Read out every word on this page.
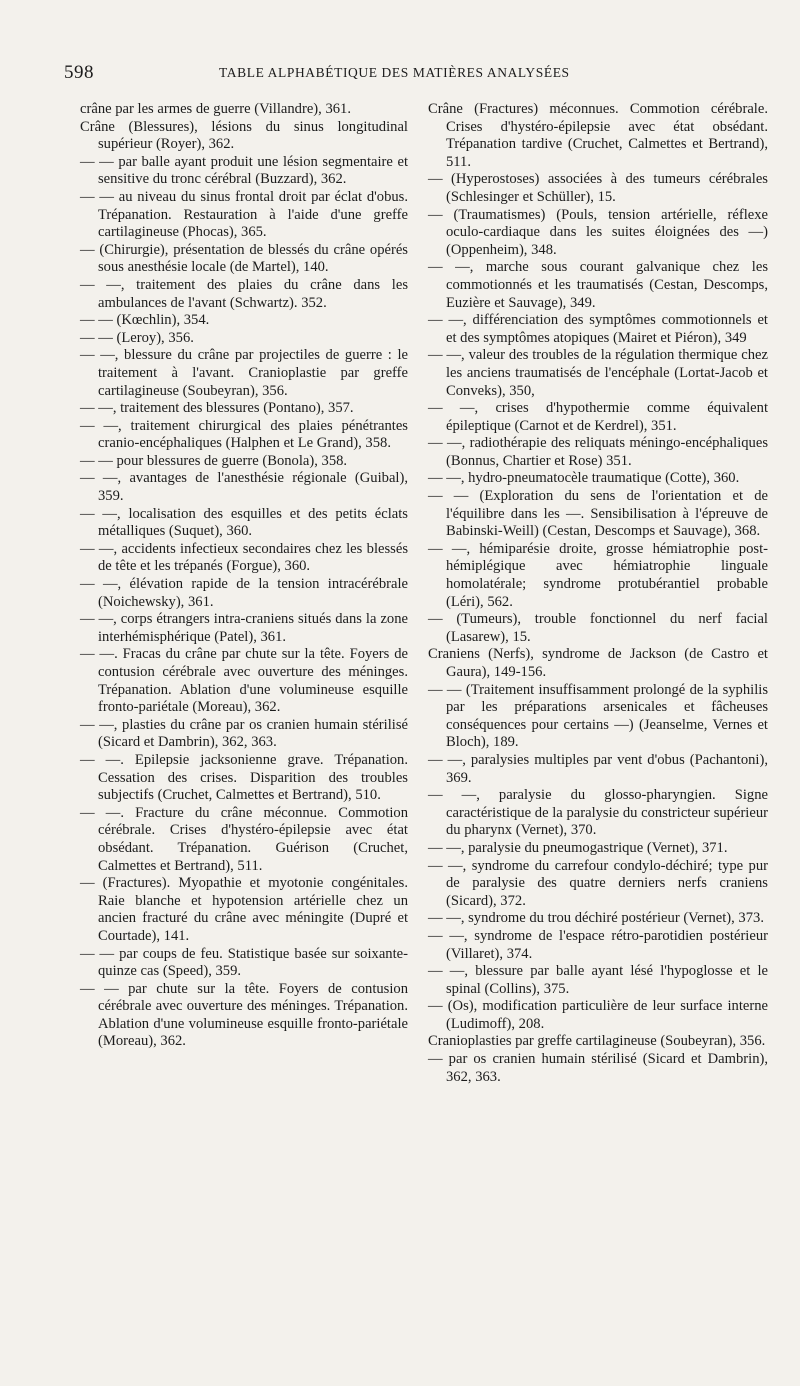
598	TABLE ALPHABÉTIQUE DES MATIÈRES ANALYSÉES

crâne par les armes de guerre (Villandre), 361.

Crâne (Blessures), lésions du sinus longitudinal supérieur (Royer), 362.

— — par balle ayant produit une lésion segmentaire et sensitive du tronc cérébral (Buzzard), 362.

— — au niveau du sinus frontal droit par éclat d'obus. Trépanation. Restauration à l'aide d'une greffe cartilagineuse (Phocas), 365.

— (Chirurgie), présentation de blessés du crâne opérés sous anesthésie locale (de Martel), 140.

— —, traitement des plaies du crâne dans les ambulances de l'avant (Schwartz). 352.

— — (Kœchlin), 354.

— — (Leroy), 356.

— —, blessure du crâne par projectiles de guerre : le traitement à l'avant. Cranioplastie par greffe cartilagineuse (Soubeyran), 356.

— —, traitement des blessures (Pontano), 357.

— —, traitement chirurgical des plaies pénétrantes cranio-encéphaliques (Halphen et Le Grand), 358.

— — pour blessures de guerre (Bonola), 358.

— —, avantages de l'anesthésie régionale (Guibal), 359.

— —, localisation des esquilles et des petits éclats métalliques (Suquet), 360.

— —, accidents infectieux secondaires chez les blessés de tête et les trépanés (Forgue), 360.

— —, élévation rapide de la tension intracérébrale (Noichewsky), 361.

— —, corps étrangers intra-craniens situés dans la zone interhémisphérique (Patel), 361.

— —. Fracas du crâne par chute sur la tête. Foyers de contusion cérébrale avec ouverture des méninges. Trépanation. Ablation d'une volumineuse esquille fronto-pariétale (Moreau), 362.

— —, plasties du crâne par os cranien humain stérilisé (Sicard et Dambrin), 362, 363.

— —. Epilepsie jacksonienne grave. Trépanation. Cessation des crises. Disparition des troubles subjectifs (Cruchet, Calmettes et Bertrand), 510.

— —. Fracture du crâne méconnue. Commotion cérébrale. Crises d'hystéro-épilepsie avec état obsédant. Trépanation. Guérison (Cruchet, Calmettes et Bertrand), 511.

— (Fractures). Myopathie et myotonie congénitales. Raie blanche et hypotension artérielle chez un ancien fracturé du crâne avec méningite (Dupré et Courtade), 141.

— — par coups de feu. Statistique basée sur soixante-quinze cas (Speed), 359.

— — par chute sur la tête. Foyers de contusion cérébrale avec ouverture des méninges. Trépanation. Ablation d'une volumineuse esquille fronto-pariétale (Moreau), 362.

Crâne (Fractures) méconnues. Commotion cérébrale. Crises d'hystéro-épilepsie avec état obsédant. Trépanation tardive (Cruchet, Calmettes et Bertrand), 511.

— (Hyperostoses) associées à des tumeurs cérébrales (Schlesinger et Schüller), 15.

— (Traumatismes) (Pouls, tension artérielle, réflexe oculo-cardiaque dans les suites éloignées des —) (Oppenheim), 348.

— —, marche sous courant galvanique chez les commotionnés et les traumatisés (Cestan, Descomps, Euzière et Sauvage), 349.

— —, différenciation des symptômes commotionnels et et des symptômes atopiques (Mairet et Piéron), 349

— —, valeur des troubles de la régulation thermique chez les anciens traumatisés de l'encéphale (Lortat-Jacob et Conveks), 350,

— —, crises d'hypothermie comme équivalent épileptique (Carnot et de Kerdrel), 351.

— —, radiothérapie des reliquats méningo-encéphaliques (Bonnus, Chartier et Rose) 351.

— —, hydro-pneumatocèle traumatique (Cotte), 360.

— — (Exploration du sens de l'orientation et de l'équilibre dans les —. Sensibilisation à l'épreuve de Babinski-Weill) (Cestan, Descomps et Sauvage), 368.

— —, hémiparésie droite, grosse hémiatrophie post-hémiplégique avec hémiatrophie linguale homolatérale; syndrome protubérantiel probable (Léri), 562.

— (Tumeurs), trouble fonctionnel du nerf facial (Lasarew), 15.

Craniens (Nerfs), syndrome de Jackson (de Castro et Gaura), 149-156.

— — (Traitement insuffisamment prolongé de la syphilis par les préparations arsenicales et fâcheuses conséquences pour certains —) (Jeanselme, Vernes et Bloch), 189.

— —, paralysies multiples par vent d'obus (Pachantoni), 369.

— —, paralysie du glosso-pharyngien. Signe caractéristique de la paralysie du constricteur supérieur du pharynx (Vernet), 370.

— —, paralysie du pneumogastrique (Vernet), 371.

— —, syndrome du carrefour condylo-déchiré; type pur de paralysie des quatre derniers nerfs craniens (Sicard), 372.

— —, syndrome du trou déchiré postérieur (Vernet), 373.

— —, syndrome de l'espace rétro-parotidien postérieur (Villaret), 374.

— —, blessure par balle ayant lésé l'hypoglosse et le spinal (Collins), 375.

— (Os), modification particulière de leur surface interne (Ludimoff), 208.

Cranioplasties par greffe cartilagineuse (Soubeyran), 356.

— par os cranien humain stérilisé (Sicard et Dambrin), 362, 363.
